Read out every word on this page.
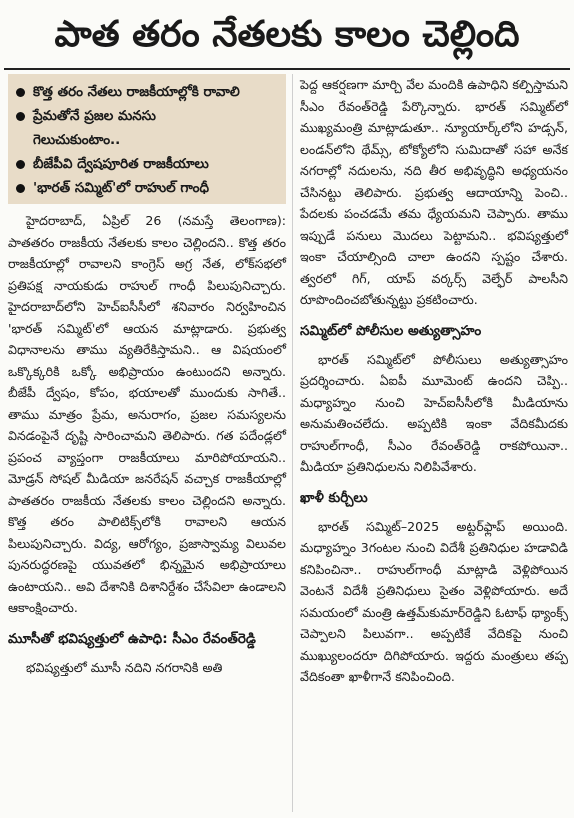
పాత తరం నేతలకు కాలం చెల్లింది
కొత్త తరం నేతలు రాజకీయాల్లోకి రావాలి
ప్రేమతోనే ప్రజల మనసు
గెలుచుకుంటాం..
బీజేపీవి ద్వేషపూరిత రాజకీయాలు
'భారత్ సమ్మిట్'లో రాహుల్ గాంధీ

హైదరాబాద్, ఏప్రిల్ 26 (నమస్తే తెలంగాణ): పాతతరం రాజకీయ నేతలకు కాలం చెల్లిందని.. కొత్త తరం రాజకీయాల్లో రావాలని కాంగ్రెస్ అగ్ర నేత, లోక్‌సభలో ప్రతిపక్ష నాయకుడు రాహుల్ గాంధీ పిలుపునిచ్చారు. హైదరాబాద్‌లోని హెచ్‌ఐసీసీలో శనివారం నిర్వహించిన 'భారత్ సమ్మిట్'లో ఆయన మాట్లాడారు. ప్రభుత్వ విధానాలను తాము వ్యతిరేకిస్తామని.. ఆ విషయంలో ఒక్కొక్కరికి ఒక్కో అభిప్రాయం ఉంటుందని అన్నారు. బీజేపీ ద్వేషం, కోపం, భయాలతో ముందుకు సాగితే.. తాము మాత్రం ప్రేమ, అనురాగం, ప్రజల సమస్యలను వినడంపైనే దృష్టి సారించామని తెలిపారు. గత పదేండ్లలో ప్రపంచ వ్యాప్తంగా రాజకీయాలు మారిపోయాయని.. మోడ్రన్ సోషల్ మీడియా జనరేషన్ వచ్చాక రాజకీయాల్లో పాతతరం రాజకీయ నేతలకు కాలం చెల్లిందని అన్నారు. కొత్త తరం పాలిటిక్స్‌లోకి రావాలని ఆయన పిలుపునిచ్చారు. విద్య, ఆరోగ్యం, ప్రజాస్వామ్య విలువల పునరుద్ధరణపై యువతలో భిన్నమైన అభిప్రాయాలు ఉంటాయని.. అవి దేశానికి దిశానిర్దేశం చేసేవిలా ఉండాలని ఆకాంక్షించారు.

మూసీతో భవిష్యత్తులో ఉపాధి: సీఎం రేవంత్‌రెడ్డి

భవిష్యత్తులో మూసీ నదిని నగరానికి అతి

పెద్ద ఆకర్షణగా మార్చి వేల మందికి ఉపాధిని కల్పిస్తామని సీఎం రేవంత్‌రెడ్డి పేర్కొన్నారు. భారత్ సమ్మిట్‌లో ముఖ్యమంత్రి మాట్లాడుతూ.. న్యూయార్క్‌లోని హడ్సన్, లండన్‌లోని థేమ్స్, టోక్యోలోని సుమిదాతో సహా అనేక నగరాల్లో నదులను, నది తీర అభివృద్ధిని అధ్యయనం చేసినట్టు తెలిపారు. ప్రభుత్వ ఆదాయాన్ని పెంచి.. పేదలకు పంచడమే తమ ధ్యేయమని చెప్పారు. తాము ఇప్పుడే పనులు మొదలు పెట్టామని.. భవిష్యత్తులో ఇంకా చేయాల్సింది చాలా ఉందని స్పష్టం చేశారు. త్వరలో గిగ్, యాప్ వర్కర్స్ వెల్ఫేర్ పాలసీని రూపొందించబోతున్నట్టు ప్రకటించారు.

సమ్మిట్‌లో పోలీసుల అత్యుత్సాహం

భారత్ సమ్మిట్‌లో పోలీసులు అత్యుత్సాహం ప్రదర్శించారు. ఏఐపీ మూమెంట్ ఉందని చెప్పి.. మధ్యాహ్నం నుంచి హెచ్‌ఐసీసీలోకి మీడియాను అనుమతించలేదు. అప్పటికి ఇంకా వేదికమీదకు రాహుల్‌గాంధీ, సీఎం రేవంత్‌రెడ్డి రాకపోయినా.. మీడియా ప్రతినిధులను నిలిపివేశారు.

ఖాళీ కుర్చీలు

భారత్ సమ్మిట్–2025 అట్టర్‌ఫ్లాప్ అయింది. మధ్యాహ్నం 3గంటల నుంచి విదేశీ ప్రతినిధుల హడావిడి కనిపించినా.. రాహుల్‌గాంధీ మాట్లాడి వెళ్లిపోయిన వెంటనే విదేశీ ప్రతినిధులు సైతం వెళ్లిపోయారు. అదే సమయంలో మంత్రి ఉత్తమ్‌కుమార్‌రెడ్డిని ఓటాఫ్ థ్యాంక్స్ చెప్పాలని పిలువగా.. అప్పటికే వేదికపై నుంచి ముఖ్యులందరూ దిగిపోయారు. ఇద్దరు మంత్రులు తప్ప వేదికంతా ఖాళీగానే కనిపించింది.
